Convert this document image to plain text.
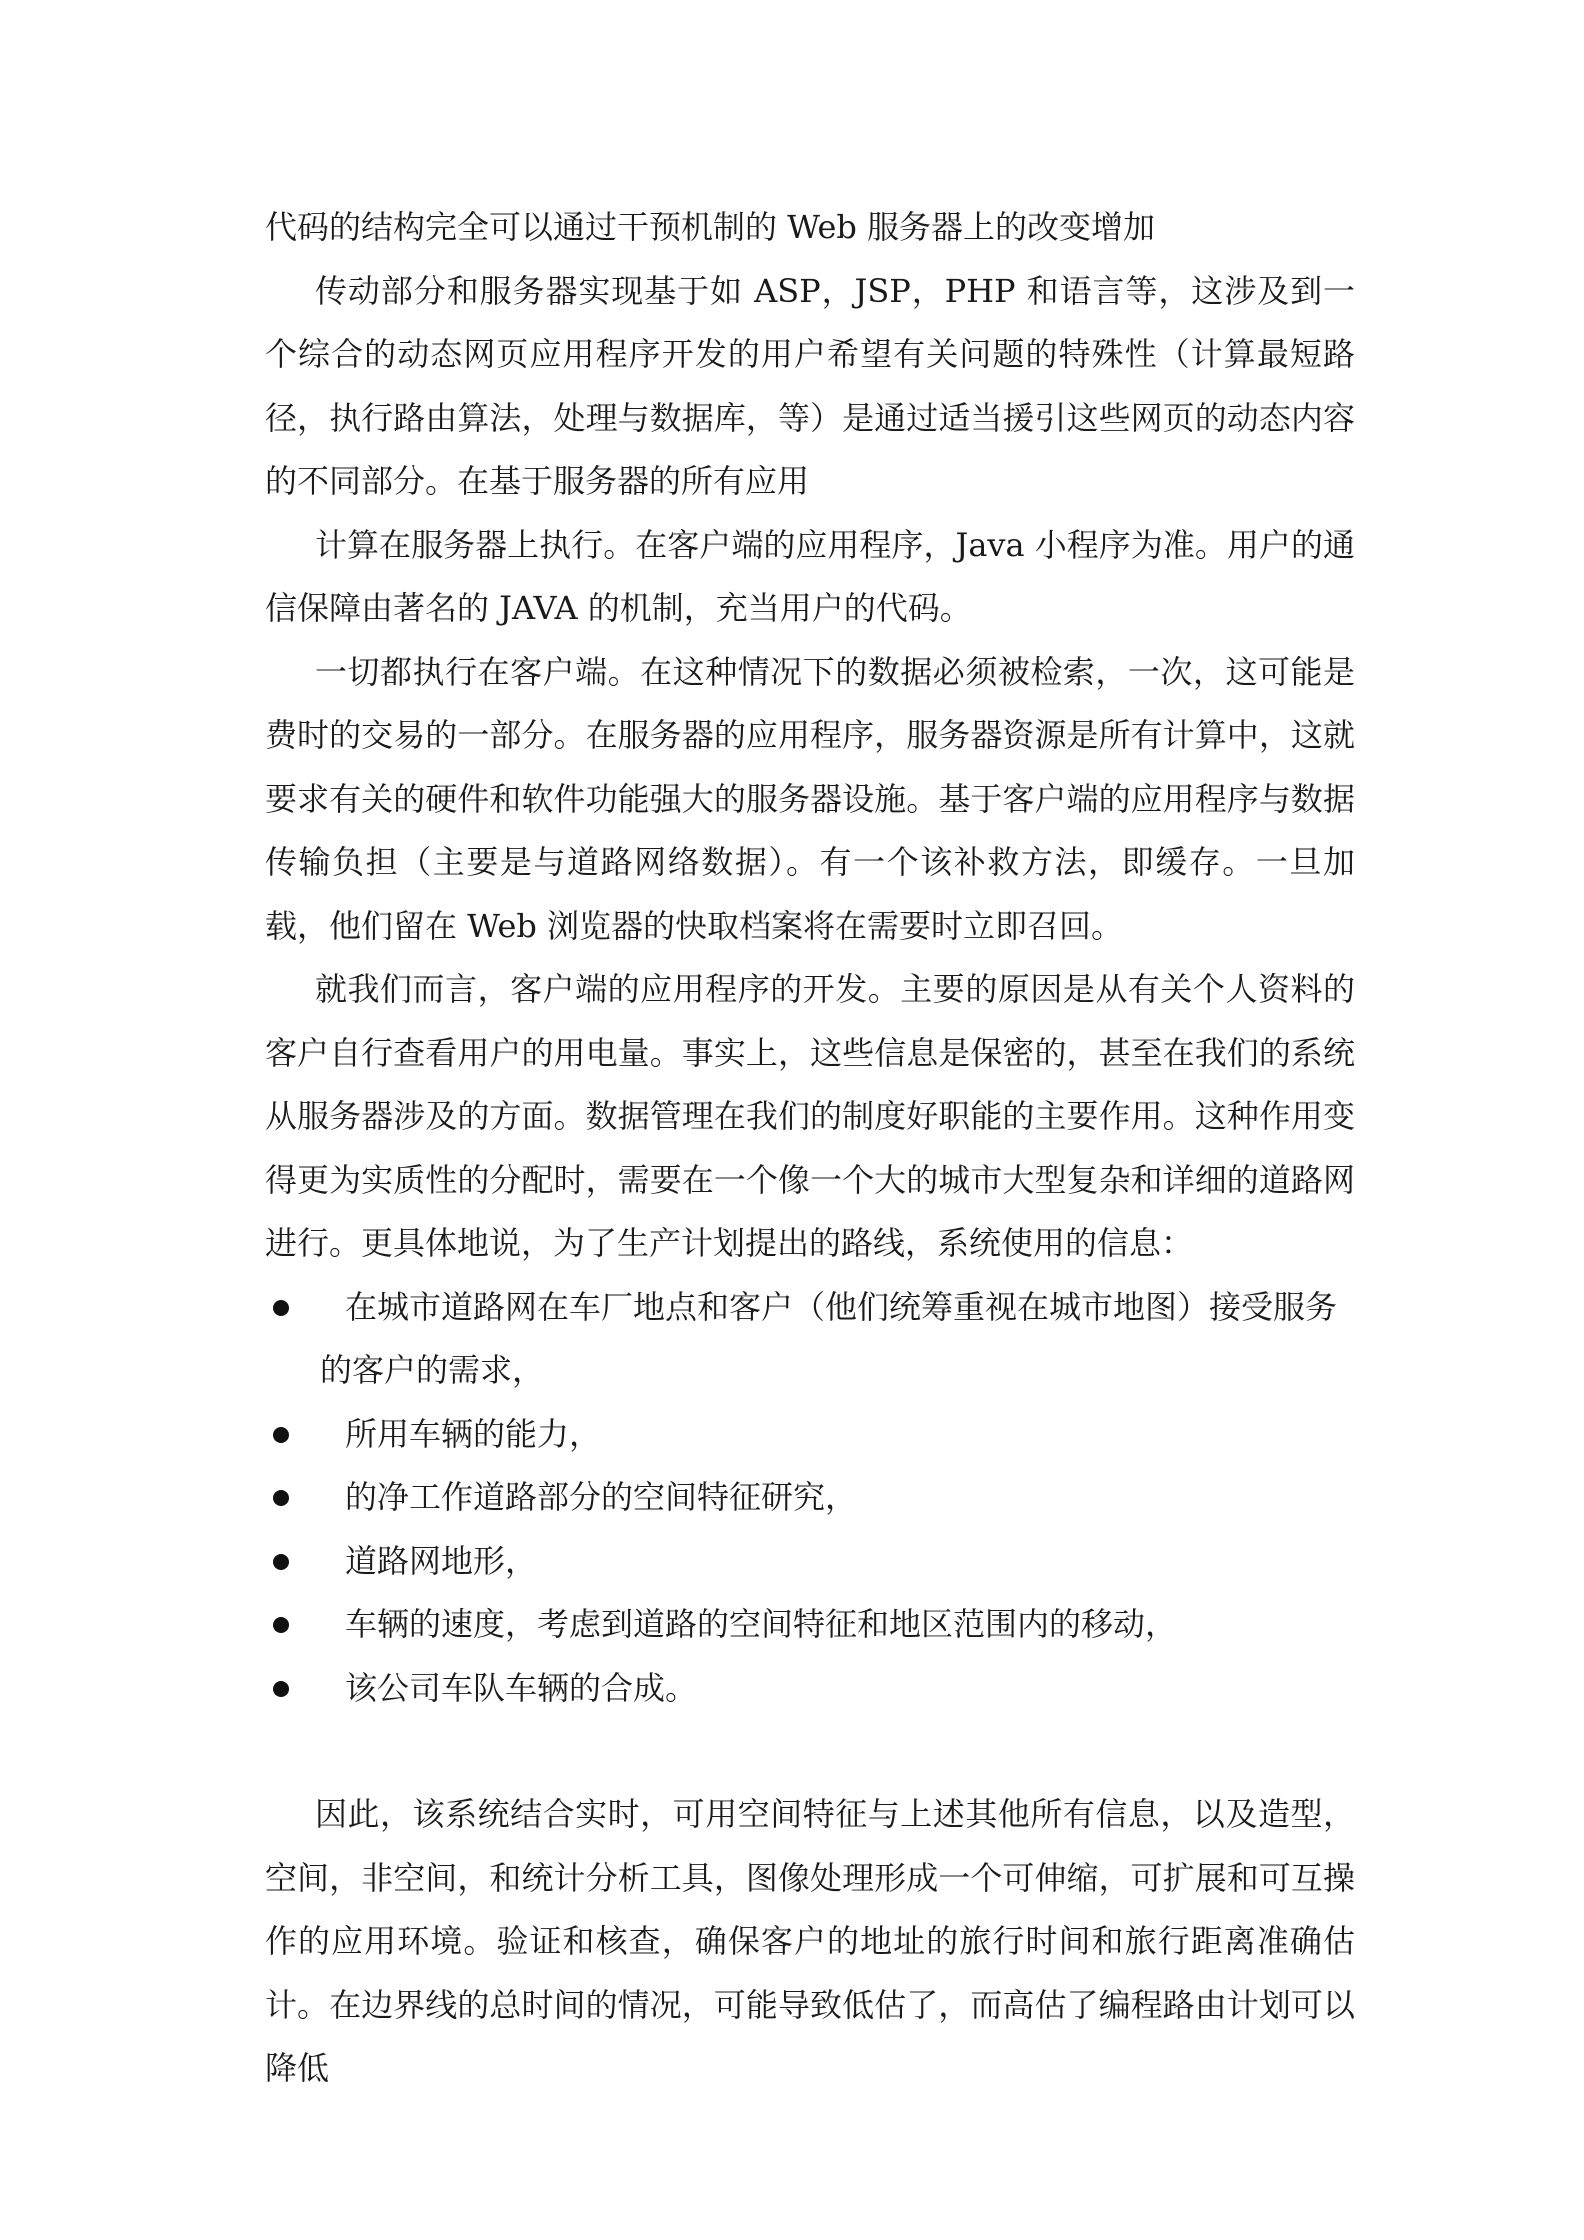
代码的结构完全可以通过干预机制的 Web 服务器上的改变增加

传动部分和服务器实现基于如 ASP，JSP，PHP 和语言等，这涉及到一个综合的动态网页应用程序开发的用户希望有关问题的特殊性（计算最短路径，执行路由算法，处理与数据库，等）是通过适当援引这些网页的动态内容的不同部分。在基于服务器的所有应用

计算在服务器上执行。在客户端的应用程序，Java 小程序为准。用户的通信保障由著名的 JAVA 的机制，充当用户的代码。

一切都执行在客户端。在这种情况下的数据必须被检索，一次，这可能是费时的交易的一部分。在服务器的应用程序，服务器资源是所有计算中，这就要求有关的硬件和软件功能强大的服务器设施。基于客户端的应用程序与数据传输负担（主要是与道路网络数据）。有一个该补救方法，即缓存。一旦加载，他们留在 Web 浏览器的快取档案将在需要时立即召回。

就我们而言，客户端的应用程序的开发。主要的原因是从有关个人资料的客户自行查看用户的用电量。事实上，这些信息是保密的，甚至在我们的系统从服务器涉及的方面。数据管理在我们的制度好职能的主要作用。这种作用变得更为实质性的分配时，需要在一个像一个大的城市大型复杂和详细的道路网进行。更具体地说，为了生产计划提出的路线，系统使用的信息：

在城市道路网在车厂地点和客户（他们统筹重视在城市地图）接受服务
的客户的需求，
所用车辆的能力，
的净工作道路部分的空间特征研究，
道路网地形，
车辆的速度，考虑到道路的空间特征和地区范围内的移动，
该公司车队车辆的合成。

因此，该系统结合实时，可用空间特征与上述其他所有信息，以及造型，空间，非空间，和统计分析工具，图像处理形成一个可伸缩，可扩展和可互操作的应用环境。验证和核查，确保客户的地址的旅行时间和旅行距离准确估计。在边界线的总时间的情况，可能导致低估了，而高估了编程路由计划可以降低
